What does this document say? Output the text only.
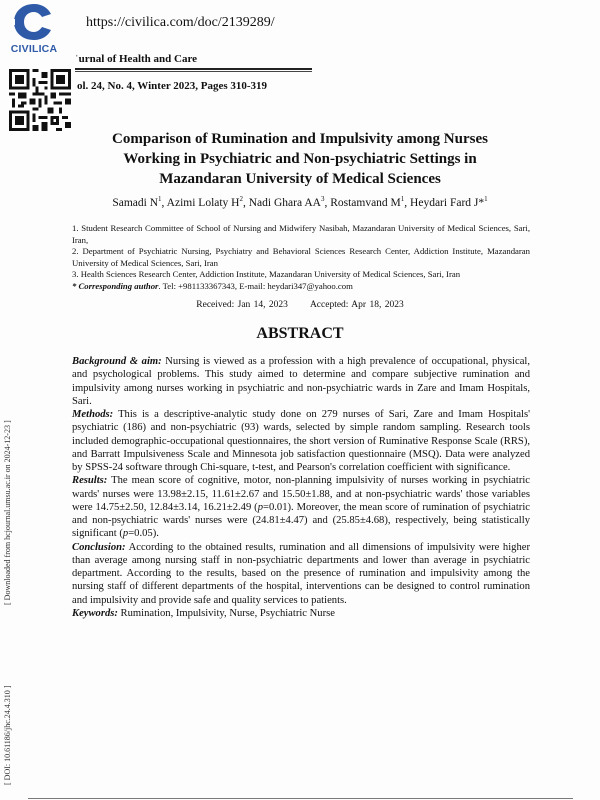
CIVILICA
https://civilica.com/doc/2139289/
ˈurnal of Health and Care
ol. 24, No. 4, Winter 2023, Pages 310-319
Comparison of Rumination and Impulsivity among Nurses
Working in Psychiatric and Non-psychiatric Settings in
Mazandaran University of Medical Sciences
Samadi $N^1$, Azimi Lolaty $H^2$, Nadi Ghara $AA^3$, Rostamvand $M^1$, Heydari Fard J*$^1$

1. Student Research Committee of School of Nursing and Midwifery Nasibah, Mazandaran University of Medical Sciences, Sari, Iran,

2. Department of Psychiatric Nursing, Psychiatry and Behavioral Sciences Research Center, Addiction Institute, Mazandaran University of Medical Sciences, Sari, Iran

3. Health Sciences Research Center, Addiction Institute, Mazandaran University of Medical Sciences, Sari, Iran

* Corresponding author. Tel: +981133367343, E-mail: heydari347@yahoo.com

Received: Jan 14, 2023 Accepted: Apr 18, 2023
ABSTRACT

Background & aim: Nursing is viewed as a profession with a high prevalence of occupational, physical, and psychological problems. This study aimed to determine and compare subjective rumination and impulsivity among nurses working in psychiatric and non-psychiatric wards in Zare and Imam Hospitals, Sari.

Methods: This is a descriptive-analytic study done on 279 nurses of Sari, Zare and Imam Hospitals' psychiatric (186) and non-psychiatric (93) wards, selected by simple random sampling. Research tools included demographic-occupational questionnaires, the short version of Ruminative Response Scale (RRS), and Barratt Impulsiveness Scale and Minnesota job satisfaction questionnaire (MSQ). Data were analyzed by SPSS-24 software through Chi-square, t-test, and Pearson's correlation coefficient with significance.

Results: The mean score of cognitive, motor, non-planning impulsivity of nurses working in psychiatric wards' nurses were 13.98±2.15, 11.61±2.67 and 15.50±1.88, and at non-psychiatric wards' those variables were 14.75±2.50, 12.84±3.14, 16.21±2.49 (p=0.01). Moreover, the mean score of rumination of psychiatric and non-psychiatric wards' nurses were (24.81±4.47) and (25.85±4.68), respectively, being statistically significant (p=0.05).

Conclusion: According to the obtained results, rumination and all dimensions of impulsivity were higher than average among nursing staff in non-psychiatric departments and lower than average in psychiatric department. According to the results, based on the presence of rumination and impulsivity among the nursing staff of different departments of the hospital, interventions can be designed to control rumination and impulsivity and provide safe and quality services to patients.

Keywords: Rumination, Impulsivity, Nurse, Psychiatric Nurse

[ Downloaded from hcjournal.umsu.ac.ir on 2024-12-23 ]
[ DOI: 10.61186/jhc.24.4.310 ]
